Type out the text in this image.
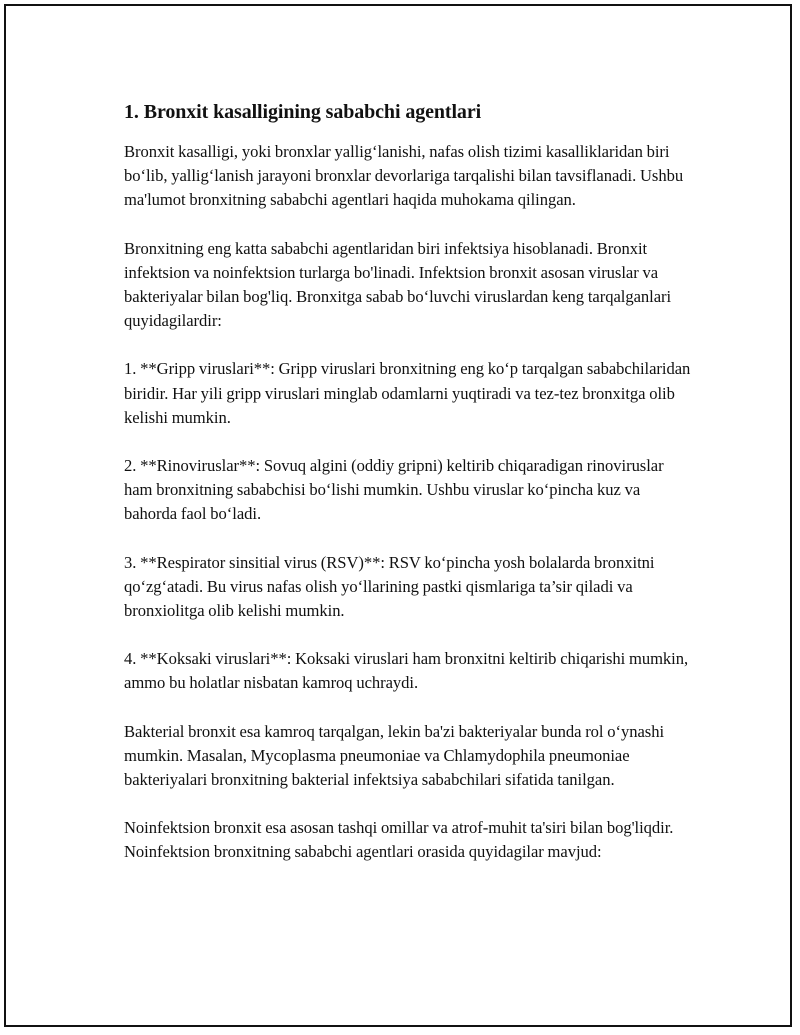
1. Bronxit kasalligining sababchi agentlari

Bronxit kasalligi, yoki bronxlar yallig‘lanishi, nafas olish tizimi kasalliklaridan biri bo‘lib, yallig‘lanish jarayoni bronxlar devorlariga tarqalishi bilan tavsiflanadi. Ushbu ma'lumot bronxitning sababchi agentlari haqida muhokama qilingan.

Bronxitning eng katta sababchi agentlaridan biri infektsiya hisoblanadi. Bronxit infektsion va noinfektsion turlarga bo'linadi. Infektsion bronxit asosan viruslar va bakteriyalar bilan bog'liq. Bronxitga sabab bo‘luvchi viruslardan keng tarqalganlari quyidagilardir:

1. **Gripp viruslari**: Gripp viruslari bronxitning eng ko‘p tarqalgan sababchilaridan biridir. Har yili gripp viruslari minglab odamlarni yuqtiradi va tez-tez bronxitga olib kelishi mumkin.

2. **Rinoviruslar**: Sovuq algini (oddiy gripni) keltirib chiqaradigan rinoviruslar ham bronxitning sababchisi bo‘lishi mumkin. Ushbu viruslar ko‘pincha kuz va bahorda faol bo‘ladi.

3. **Respirator sinsitial virus (RSV)**: RSV ko‘pincha yosh bolalarda bronxitni qo‘zg‘atadi. Bu virus nafas olish yo‘llarining pastki qismlariga ta’sir qiladi va bronxiolitga olib kelishi mumkin.

4. **Koksaki viruslari**: Koksaki viruslari ham bronxitni keltirib chiqarishi mumkin, ammo bu holatlar nisbatan kamroq uchraydi.

Bakterial bronxit esa kamroq tarqalgan, lekin ba'zi bakteriyalar bunda rol o‘ynashi mumkin. Masalan, Mycoplasma pneumoniae va Chlamydophila pneumoniae bakteriyalari bronxitning bakterial infektsiya sababchilari sifatida tanilgan.

Noinfektsion bronxit esa asosan tashqi omillar va atrof-muhit ta'siri bilan bog'liqdir. Noinfektsion bronxitning sababchi agentlari orasida quyidagilar mavjud:
